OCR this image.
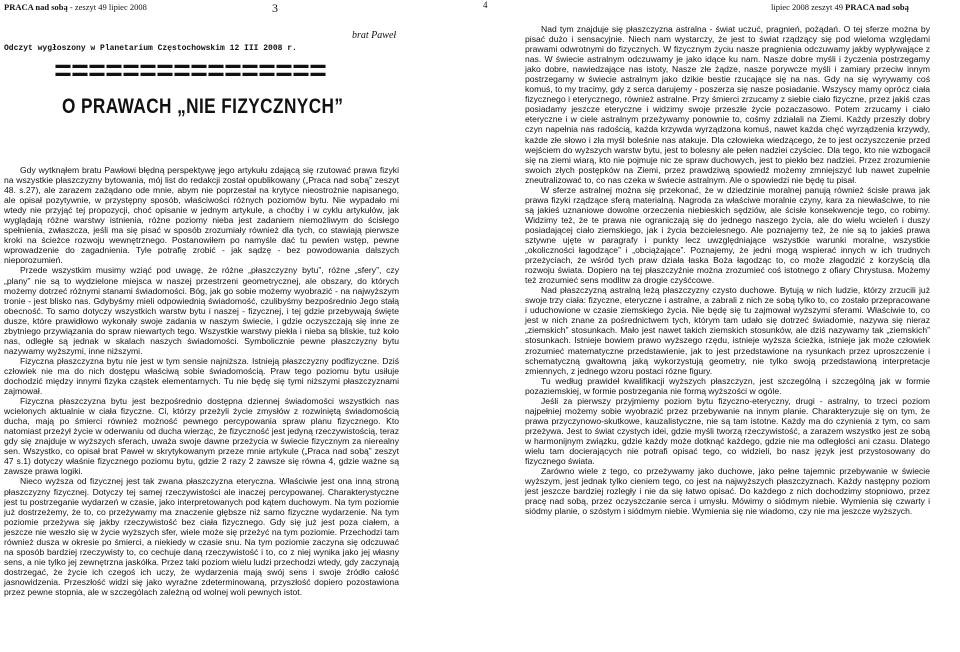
PRACA nad sobą - zeszyt 49 lipiec 2008	3
brat Paweł
Odczyt wygłoszony w Planetarium Częstochowskim 12 III 2008 r.
================
O PRAWACH „NIE FIZYCZNYCH”

Gdy wytknąłem bratu Pawłowi błędną perspektywę jego artykułu zdającą się rzutować prawa fizyki na wszystkie płaszczyzny bytowania, mój list do redakcji został opublikowany („Praca nad sobą” zeszyt 48. s.27), ale zarazem zażądano ode mnie, abym nie poprzestał na krytyce nieostrożnie napisanego, ale opisał pozytywnie, w przystępny sposób, właściwości różnych poziomów bytu. Nie wypadało mi wtedy nie przyjąć tej propozycji, choć opisanie w jednym artykule, a choćby i w cyklu artykułów, jak wyglądają różne warstwy istnienia, różne poziomy nieba jest zadaniem niemożliwym do ścisłego spełnienia, zwłaszcza, jeśli ma się pisać w sposób zrozumiały również dla tych, co stawiają pierwsze kroki na ścieżce rozwoju wewnętrznego. Postanowiłem po namyśle dać tu pewien wstęp, pewne wprowadzenie do zagadnienia. Tyle potrafię zrobić - jak sądzę - bez powodowania dalszych nieporozumień.

Przede wszystkim musimy wziąć pod uwagę, że różne „płaszczyzny bytu”, różne „sfery”, czy „plany” nie są to wydzielone miejsca w naszej przestrzeni geometrycznej, ale obszary, do których możemy dotrzeć różnymi stanami świadomości. Bóg, jak go sobie możemy wyobrazić - na najwyższym tronie - jest blisko nas. Gdybyśmy mieli odpowiednią świadomość, czulibyśmy bezpośrednio Jego stałą obecność. To samo dotyczy wszystkich warstw bytu i naszej - fizycznej, i tej gdzie przebywają święte dusze, które prawidłowo wykonały swoje zadania w naszym świecie, i gdzie oczyszczają się inne ze zbytniego przywiązania do spraw niewartych tego. Wszystkie warstwy piekła i nieba są bliskie, tuż koło nas, odległe są jednak w skalach naszych świadomości. Symbolicznie pewne płaszczyzny bytu nazywamy wyższymi, inne niższymi.

Fizyczna płaszczyzna bytu nie jest w tym sensie najniższa. Istnieją płaszczyzny podfizyczne. Dziś człowiek nie ma do nich dostępu właściwą sobie świadomością. Praw tego poziomu bytu usiłuje dochodzić między innymi fizyka cząstek elementarnych. Tu nie będę się tymi niższymi płaszczyznami zajmował.

Fizyczna płaszczyzna bytu jest bezpośrednio dostępna dziennej świadomości wszystkich nas wcielonych aktualnie w ciała fizyczne. Ci, którzy przeżyli życie zmysłów z rozwiniętą świadomością ducha, mają po śmierci również możność pewnego percypowania spraw planu fizycznego. Kto natomiast przeżył życie w oderwaniu od ducha wierząc, że fizyczność jest jedyną rzeczywistością, teraz gdy się znajduje w wyższych sferach, uważa swoje dawne przeżycia w świecie fizycznym za nierealny sen. Wszystko, co opisał brat Paweł w skrytykowanym przeze mnie artykule („Praca nad sobą” zeszyt 47 s.1) dotyczy właśnie fizycznego poziomu bytu, gdzie 2 razy 2 zawsze się równa 4, gdzie ważne są zawsze prawa logiki.

Nieco wyższa od fizycznej jest tak zwana płaszczyzna eteryczna. Właściwie jest ona inną stroną płaszczyzny fizycznej. Dotyczy tej samej rzeczywistości ale inaczej percypowanej. Charakterystyczne jest tu postrzeganie wydarzeń w czasie, jako interpretowanych pod kątem duchowym. Na tym poziomie już dostrzeżemy, że to, co przeżywamy ma znaczenie głębsze niż samo fizyczne wydarzenie. Na tym poziomie przeżywa się jakby rzeczywistość bez ciała fizycznego. Gdy się już jest poza ciałem, a jeszcze nie weszło się w życie wyższych sfer, wiele może się przeżyć na tym poziomie. Przechodzi tam również dusza w okresie po śmierci, a niekiedy w czasie snu. Na tym poziomie zaczyna się odczuwać na sposób bardziej rzeczywisty to, co cechuje daną rzeczywistość i to, co z niej wynika jako jej własny sens, a nie tylko jej zewnętrzna jaskółka. Przez taki poziom wielu ludzi przechodzi wtedy, gdy zaczynają dostrzegać, że życie ich czegoś ich uczy, że wydarzenia mają swój sens i swoje źródło całość jasnowidzenia. Przeszłość widzi się jako wyraźne zdeterminowaną, przyszłość dopiero pozostawiona przez pewne stopnia, ale w szczególach zależną od wolnej woli pewnych istot.

4	lipiec 2008 zeszyt 49 PRACA nad sobą

Nad tym znajduje się płaszczyzna astralna - świat uczuć, pragnień, pożądań. O tej sferze można by pisać dużo i sensacyjnie. Niech nam wystarczy, że jest to świat rządzący się pod wieloma względami prawami odwrotnymi do fizycznych. W fizycznym życiu nasze pragnienia odczuwamy jakby wypływające z nas. W świecie astralnym odczuwamy je jako idące ku nam. Nasze dobre myśli i życzenia postrzegamy jako dobre, nawiedzające nas istoty, Nasze złe żądze, nasze porywcze myśli i zamiary przeciw innym postrzegamy w świecie astralnym jako dzikie bestie rzucające się na nas. Gdy na się wyrywamy coś komuś, to my tracimy, gdy z serca darujemy - poszerza się nasze posiadanie. Wszyscy mamy oprócz ciała fizycznego i eterycznego, również astralne. Przy śmierci zrzucamy z siebie ciało fizyczne, przez jakiś czas posiadamy jeszcze eteryczne i widzimy swoje przeszłe życie pozaczasowo. Potem zrzucamy i ciało eteryczne i w ciele astralnym przeżywamy ponownie to, cośmy zdziałali na Ziemi. Każdy przeszły dobry czyn napełnia nas radością, każda krzywda wyrządzona komuś, nawet każda chęć wyrządzenia krzywdy, każde złe słowo i zła myśl boleśnie nas atakuje. Dla człowieka wiedzącego, że to jest oczyszczenie przed wejściem do wyższych warstw bytu, jest to bolesny ale pełen nadziei czyściec. Dla tego, kto nie wzbogacił się na ziemi wiarą, kto nie pojmuje nic ze spraw duchowych, jest to piekło bez nadziei. Przez zrozumienie swoich złych postępków na Ziemi, przez prawdziwą spowiedź możemy zmniejszyć lub nawet zupełnie zneutralizować to, co nas czeka w świecie astralnym. Ale o spowiedzi nie będę tu pisał.

W sferze astralnej można się przekonać, że w dziedzinie moralnej panują również ścisłe prawa jak prawa fizyki rządzące sferą materialną. Nagroda za właściwe moralnie czyny, kara za niewłaściwe, to nie są jakieś uznaniowe dowolne orzeczenia niebieskich sędziów, ale ścisłe konsekwencje tego, co robimy. Widzimy też, że te prawa nie ograniczają się do jednego naszego życia, ale do wielu wcieleń i duszy posiadającej ciało ziemskiego, jak i życia bezcielesnego. Ale poznajemy też, że nie są to jakieś prawa sztywne ujęte w paragrafy i punkty lecz uwzględniające wszystkie warunki moralne, wszystkie „okoliczności łagodzące” i „obciążające”. Poznajemy, że jedni mogą wspierać innych w ich trudnych przeżyciach, że wśród tych praw działa łaska Boża łagodząc to, co może złagodzić z korzyścią dla rozwoju świata. Dopiero na tej płaszczyźnie można zrozumieć coś istotnego z ofiary Chrystusa. Możemy też zrozumieć sens modlitw za drogie czyśćcowe.

Nad płaszczyzną astralną leżą płaszczyzny czysto duchowe. Bytują w nich ludzie, którzy zrzucili już swoje trzy ciała: fizyczne, eteryczne i astralne, a zabrali z nich ze sobą tylko to, co zostało przepracowane i uduchowione w czasie ziemskiego życia. Nie będę się tu zajmował wyższymi sferami. Właściwie to, co jest w nich znane za pośrednictwem tych, którym tam udało się dotrzeć świadomie, nazywa się nieraz „ziemskich” stosunkach. Mało jest nawet takich ziemskich stosunków, ale dziś nazywamy tak „ziemskich” stosunkach. Istnieje bowiem prawo wyższego rzędu, istnieje wyższa ścieżka, istnieje jak może człowiek zrozumieć matematyczne przedstawienie, jak to jest przedstawione na rysunkach przez uproszczenie i schematyczną gwałtowną jaką wykorzystują geometry, nie tylko swoją przedstawioną interpretacje zmiennych, z jednego wzoru postaci rózne figury.

Tu według prawideł kwalifikacji wyższych płaszczyzn, jest szczególną i szczególną jak w formie pozaziemskiej, w formie postrzegania nie formą wyższości w ogóle.

Jeśli za pierwszy przyjmiemy poziom bytu fizyczno-eteryczny, drugi - astralny, to trzeci poziom najpełniej możemy sobie wyobrazić przez przebywanie na innym planie. Charakteryzuje się on tym, że prawa przyczynowo-skutkowe, kauzalistyczne, nie są tam istotne. Każdy ma do czynienia z tym, co sam przeżywa. Jest to świat czystych idei, gdzie myśli tworzą rzeczywistość, a zarazem wszystko jest ze sobą w harmonijnym związku, gdzie każdy może dotknąć każdego, gdzie nie ma odległości ani czasu. Dlatego wielu tam docierających nie potrafi opisać tego, co widzieli, bo nasz język jest przystosowany do fizycznego świata.

Zarówno wiele z tego, co przeżywamy jako duchowe, jako pełne tajemnic przebywanie w świecie wyższym, jest jednak tylko cieniem tego, co jest na najwyższych płaszczyznach. Każdy następny poziom jest jeszcze bardziej rozległy i nie da się łatwo opisać. Do każdego z nich dochodzimy stopniowo, przez pracę nad sobą, przez oczyszczanie serca i umysłu. Mówimy o siódmym niebie. Wymienia się czwarty i siódmy planie, o szóstym i siódmym niebie. Wymienia się nie wiadomo, czy nie ma jeszcze wyższych.
